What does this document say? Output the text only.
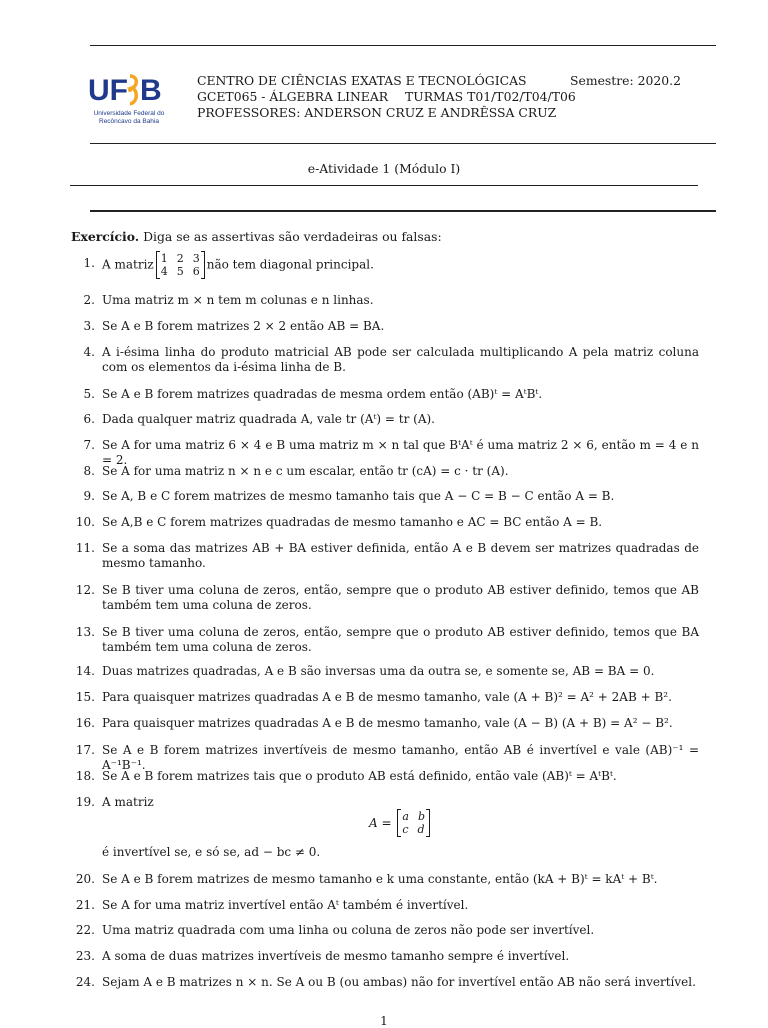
UF B
Universidade Federal do
Recôncavo da Bahia
CENTRO DE CIÊNCIAS EXATAS E TECNOLÓGICAS	Semestre: 2020.2
GCET065 - ÁLGEBRA LINEAR TURMAS T01/T02/T04/T06
PROFESSORES: ANDERSON CRUZ E ANDRÊSSA CRUZ
e-Atividade 1 (Módulo I)
Exercício. Diga se as assertivas são verdadeiras ou falsas:
1. A matriz 1 2 3
4 5 6 não tem diagonal principal.
2. Uma matriz m × n tem m colunas e n linhas.
3. Se A e B forem matrizes 2 × 2 então AB = BA.
4. A i-ésima linha do produto matricial AB pode ser calculada multiplicando A pela matriz coluna com os elementos da i-ésima linha de B.
5. Se A e B forem matrizes quadradas de mesma ordem então (AB)ᵗ = AᵗBᵗ.
6. Dada qualquer matriz quadrada A, vale tr (Aᵗ) = tr (A).
7. Se A for uma matriz 6 × 4 e B uma matriz m × n tal que BᵗAᵗ é uma matriz 2 × 6, então m = 4 e n = 2.
8. Se A for uma matriz n × n e c um escalar, então tr (cA) = c · tr (A).
9. Se A, B e C forem matrizes de mesmo tamanho tais que A − C = B − C então A = B.
10. Se A,B e C forem matrizes quadradas de mesmo tamanho e AC = BC então A = B.
11. Se a soma das matrizes AB + BA estiver definida, então A e B devem ser matrizes quadradas de mesmo tamanho.
12. Se B tiver uma coluna de zeros, então, sempre que o produto AB estiver definido, temos que AB também tem uma coluna de zeros.
13. Se B tiver uma coluna de zeros, então, sempre que o produto AB estiver definido, temos que BA também tem uma coluna de zeros.
14. Duas matrizes quadradas, A e B são inversas uma da outra se, e somente se, AB = BA = 0.
15. Para quaisquer matrizes quadradas A e B de mesmo tamanho, vale (A + B)² = A² + 2AB + B².
16. Para quaisquer matrizes quadradas A e B de mesmo tamanho, vale (A − B) (A + B) = A² − B².
17. Se A e B forem matrizes invertíveis de mesmo tamanho, então AB é invertível e vale (AB)⁻¹ = A⁻¹B⁻¹.
18. Se A e B forem matrizes tais que o produto AB está definido, então vale (AB)ᵗ = AᵗBᵗ.
19. A matriz
é invertível se, e só se, ad − bc ≠ 0.
20. Se A e B forem matrizes de mesmo tamanho e k uma constante, então (kA + B)ᵗ = kAᵗ + Bᵗ.
21. Se A for uma matriz invertível então Aᵗ também é invertível.
22. Uma matriz quadrada com uma linha ou coluna de zeros não pode ser invertível.
23. A soma de duas matrizes invertíveis de mesmo tamanho sempre é invertível.
24. Sejam A e B matrizes n × n. Se A ou B (ou ambas) não for invertível então AB não será invertível.
A = a b
c d
1
